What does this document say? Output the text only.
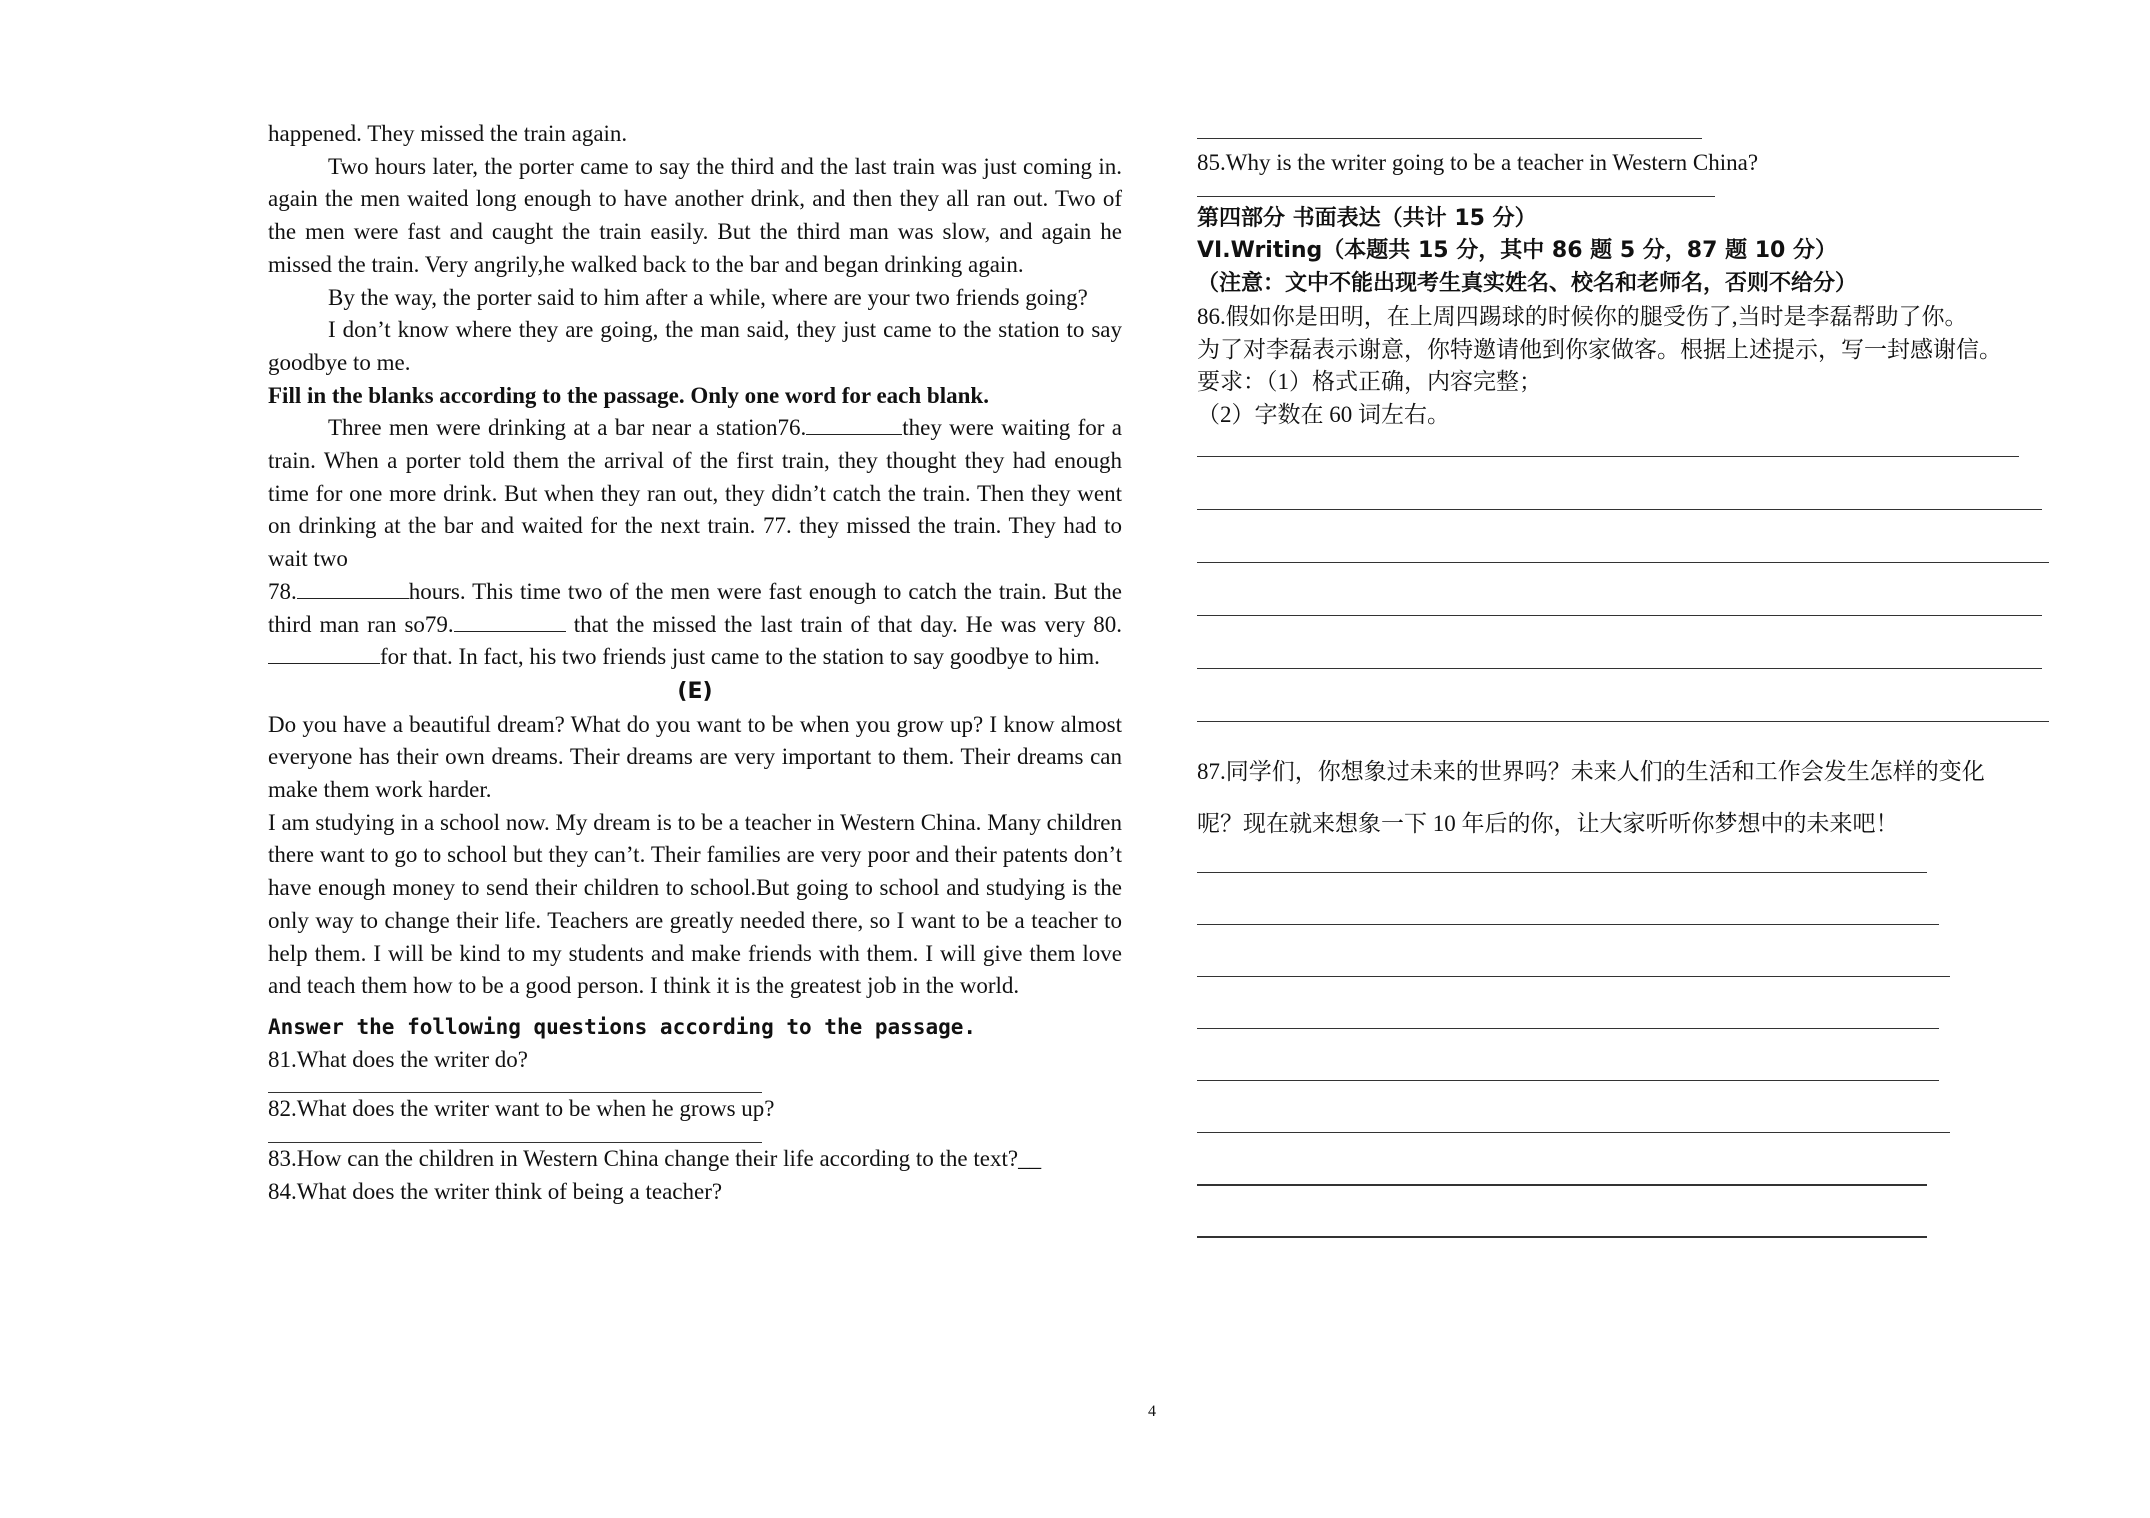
happened. They missed the train again.

Two hours later, the porter came to say the third and the last train was just coming in. again the men waited long enough to have another drink, and then they all ran out. Two of the men were fast and caught the train easily. But the third man was slow, and again he missed the train. Very angrily,he walked back to the bar and began drinking again.

By the way, the porter said to him after a while, where are your two friends going?

I don’t know where they are going, the man said, they just came to the station to say goodbye to me.

Fill in the blanks according to the passage. Only one word for each blank.

Three men were drinking at a bar near a station76.	they were waiting for a train. When a porter told them the arrival of the first train, they thought they had enough time for one more drink. But when they ran out, they didn’t catch the train. Then they went on drinking at the bar and waited for the next train. 77. they missed the train. They had to wait two

78.	hours. This time two of the men were fast enough to catch the train. But the third man ran so79.	that the missed the last train of that day. He was very 80.for that. In fact, his two friends just came to the station to say goodbye to him.

(E)

Do you have a beautiful dream? What do you want to be when you grow up? I know almost everyone has their own dreams. Their dreams are very important to them. Their dreams can make them work harder.

I am studying in a school now. My dream is to be a teacher in Western China. Many children there want to go to school but they can’t. Their families are very poor and their patents don’t have enough money to send their children to school.But going to school and studying is the only way to change their life. Teachers are greatly needed there, so I want to be a teacher to help them. I will be kind to my students and make friends with them. I will give them love and teach them how to be a good person. I think it is the greatest job in the world.

Answer the following questions according to the passage.

81.What does the writer do?

82.What does the writer want to be when he grows up?

83.How can the children in Western China change their life according to the text?__

84.What does the writer think of being a teacher?

85.Why is the writer going to be a teacher in Western China?

第四部分 书面表达（共计 15 分）

VI.Writing（本题共 15 分，其中 86 题 5 分，87 题 10 分）

（注意：文中不能出现考生真实姓名、校名和老师名，否则不给分）

86.假如你是田明，在上周四踢球的时候你的腿受伤了,当时是李磊帮助了你。

为了对李磊表示谢意，你特邀请他到你家做客。根据上述提示，写一封感谢信。

要求：（1）格式正确，内容完整；

（2）字数在 60 词左右。

87.同学们，你想象过未来的世界吗？未来人们的生活和工作会发生怎样的变化

呢？现在就来想象一下 10 年后的你，让大家听听你梦想中的未来吧！

4
